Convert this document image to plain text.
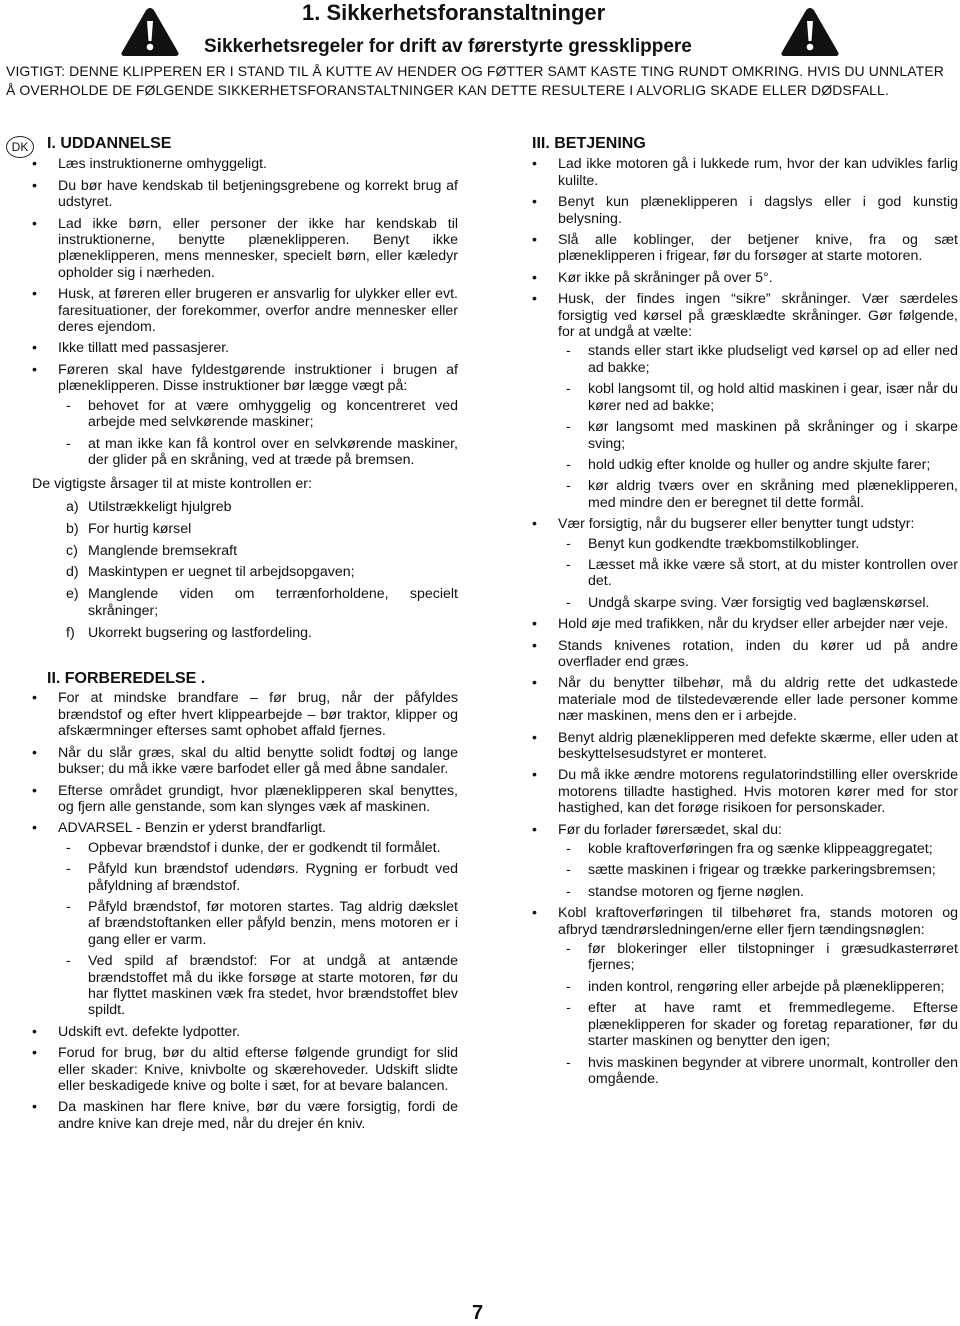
1. Sikkerhetsforanstaltninger
Sikkerhetsregeler for drift av førerstyrte gressklippere

VIGTIGT: DENNE KLIPPEREN ER I STAND TIL Å KUTTE AV HENDER OG FØTTER SAMT KASTE TING RUNDT OMKRING. HVIS DU UNNLATER Å OVERHOLDE DE FØLGENDE SIKKERHETSFORANSTALTNINGER KAN DETTE RESULTERE I ALVORLIG SKADE ELLER DØDSFALL.

DK	I. UDDANNELSE
• Læs instruktionerne omhyggeligt.
• Du bør have kendskab til betjeningsgrebene og korrekt brug af udstyret.
• Lad ikke børn, eller personer der ikke har kendskab til instruktionerne, benytte plæneklipperen. Benyt ikke plæneklipperen, mens mennesker, specielt børn, eller kæledyr opholder sig i nærheden.
• Husk, at føreren eller brugeren er ansvarlig for ulykker eller evt. faresituationer, der forekommer, overfor andre mennesker eller deres ejendom.
• Ikke tillatt med passasjerer.
• Føreren skal have fyldestgørende instruktioner i brugen af plæneklipperen. Disse instruktioner bør lægge vægt på:
- behovet for at være omhyggelig og koncentreret ved arbejde med selvkørende maskiner;
- at man ikke kan få kontrol over en selvkørende maskiner, der glider på en skråning, ved at træde på bremsen.
De vigtigste årsager til at miste kontrollen er:
a) Utilstrækkeligt hjulgreb
b) For hurtig kørsel
c) Manglende bremsekraft
d) Maskintypen er uegnet til arbejdsopgaven;
e) Manglende viden om terrænforholdene, specielt skråninger;
f) Ukorrekt bugsering og lastfordeling.
II. FORBEREDELSE .
• For at mindske brandfare – før brug, når der påfyldes brændstof og efter hvert klippearbejde – bør traktor, klipper og afskærmninger efterses samt ophobet affald fjernes.
• Når du slår græs, skal du altid benytte solidt fodtøj og lange bukser; du må ikke være barfodet eller gå med åbne sandaler.
• Efterse området grundigt, hvor plæneklipperen skal benyttes, og fjern alle genstande, som kan slynges væk af maskinen.
• ADVARSEL - Benzin er yderst brandfarligt.
- Opbevar brændstof i dunke, der er godkendt til formålet.
- Påfyld kun brændstof udendørs. Rygning er forbudt ved påfyldning af brændstof.
- Påfyld brændstof, før motoren startes. Tag aldrig dækslet af brændstoftanken eller påfyld benzin, mens motoren er i gang eller er varm.
- Ved spild af brændstof: For at undgå at antænde brændstoffet må du ikke forsøge at starte motoren, før du har flyttet maskinen væk fra stedet, hvor brændstoffet blev spildt.
• Udskift evt. defekte lydpotter.
• Forud for brug, bør du altid efterse følgende grundigt for slid eller skader: Knive, knivbolte og skærehoveder. Udskift slidte eller beskadigede knive og bolte i sæt, for at bevare balancen.
• Da maskinen har flere knive, bør du være forsigtig, fordi de andre knive kan dreje med, når du drejer én kniv.
III. BETJENING
• Lad ikke motoren gå i lukkede rum, hvor der kan udvikles farlig kulilte.
• Benyt kun plæneklipperen i dagslys eller i god kunstig belysning.
• Slå alle koblinger, der betjener knive, fra og sæt plæneklipperen i frigear, før du forsøger at starte motoren.
• Kør ikke på skråninger på over 5°.
• Husk, der findes ingen “sikre” skråninger. Vær særdeles forsigtig ved kørsel på græsklædte skråninger. Gør følgende, for at undgå at vælte:
- stands eller start ikke pludseligt ved kørsel op ad eller ned ad bakke;
- kobl langsomt til, og hold altid maskinen i gear, især når du kører ned ad bakke;
- kør langsomt med maskinen på skråninger og i skarpe sving;
- hold udkig efter knolde og huller og andre skjulte farer;
- kør aldrig tværs over en skråning med plæneklipperen, med mindre den er beregnet til dette formål.
• Vær forsigtig, når du bugserer eller benytter tungt udstyr:
- Benyt kun godkendte trækbomstilkoblinger.
- Læsset må ikke være så stort, at du mister kontrollen over det.
- Undgå skarpe sving. Vær forsigtig ved baglænskørsel.
• Hold øje med trafikken, når du krydser eller arbejder nær veje.
• Stands knivenes rotation, inden du kører ud på andre overflader end græs.
• Når du benytter tilbehør, må du aldrig rette det udkastede materiale mod de tilstedeværende eller lade personer komme nær maskinen, mens den er i arbejde.
• Benyt aldrig plæneklipperen med defekte skærme, eller uden at beskyttelsesudstyret er monteret.
• Du må ikke ændre motorens regulatorindstilling eller overskride motorens tilladte hastighed. Hvis motoren kører med for stor hastighed, kan det forøge risikoen for personskader.
• Før du forlader førersædet, skal du:
- koble kraftoverføringen fra og sænke klippeaggregatet;
- sætte maskinen i frigear og trække parkeringsbremsen;
- standse motoren og fjerne nøglen.
• Kobl kraftoverføringen til tilbehøret fra, stands motoren og afbryd tændrørsledningen/erne eller fjern tændingsnøglen:
- før blokeringer eller tilstopninger i græsudkasterrøret fjernes;
- inden kontrol, rengøring eller arbejde på plæneklipperen;
- efter at have ramt et fremmedlegeme. Efterse plæneklipperen for skader og foretag reparationer, før du starter maskinen og benytter den igen;
- hvis maskinen begynder at vibrere unormalt, kontroller den omgående.
7
